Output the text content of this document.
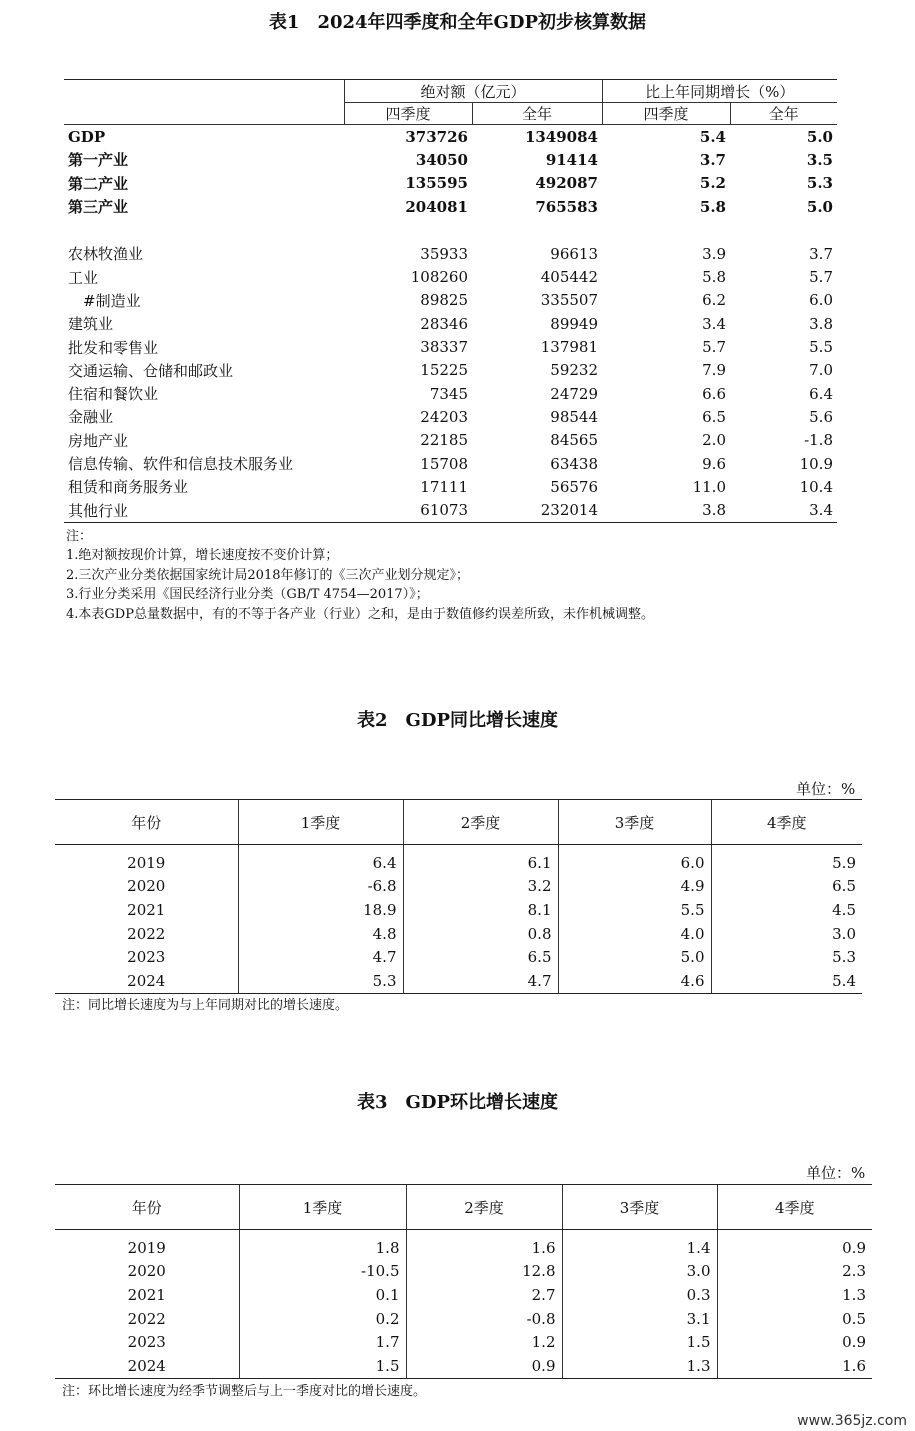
表1　2024年四季度和全年GDP初步核算数据

	绝对额（亿元）		比上年同期增长（%）	
	四季度	全年	四季度	全年
GDP	373726	1349084	5.4	5.0
第一产业	34050	91414	3.7	3.5
第二产业	135595	492087	5.2	5.3
第三产业	204081	765583	5.8	5.0

农林牧渔业	35933	96613	3.9	3.7
工业	108260	405442	5.8	5.7
　#制造业	89825	335507	6.2	6.0
建筑业	28346	89949	3.4	3.8
批发和零售业	38337	137981	5.7	5.5
交通运输、仓储和邮政业	15225	59232	7.9	7.0
住宿和餐饮业	7345	24729	6.6	6.4
金融业	24203	98544	6.5	5.6
房地产业	22185	84565	2.0	-1.8
信息传输、软件和信息技术服务业	15708	63438	9.6	10.9
租赁和商务服务业	17111	56576	11.0	10.4
其他行业	61073	232014	3.8	3.4
注：
1.绝对额按现价计算，增长速度按不变价计算；
2.三次产业分类依据国家统计局2018年修订的《三次产业划分规定》；
3.行业分类采用《国民经济行业分类（GB/T 4754—2017）》；
4.本表GDP总量数据中，有的不等于各产业（行业）之和，是由于数值修约误差所致，未作机械调整。
表2　GDP同比增长速度
单位：%
年份	1季度	2季度	3季度	4季度
2019	6.4	6.1	6.0	5.9
2020	-6.8	3.2	4.9	6.5
2021	18.9	8.1	5.5	4.5
2022	4.8	0.8	4.0	3.0
2023	4.7	6.5	5.0	5.3
2024	5.3	4.7	4.6	5.4
注：同比增长速度为与上年同期对比的增长速度。
表3　GDP环比增长速度
单位：%
年份	1季度	2季度	3季度	4季度
2019	1.8	1.6	1.4	0.9
2020	-10.5	12.8	3.0	2.3
2021	0.1	2.7	0.3	1.3
2022	0.2	-0.8	3.1	0.5
2023	1.7	1.2	1.5	0.9
2024	1.5	0.9	1.3	1.6
注：环比增长速度为经季节调整后与上一季度对比的增长速度。
www.365jz.com
